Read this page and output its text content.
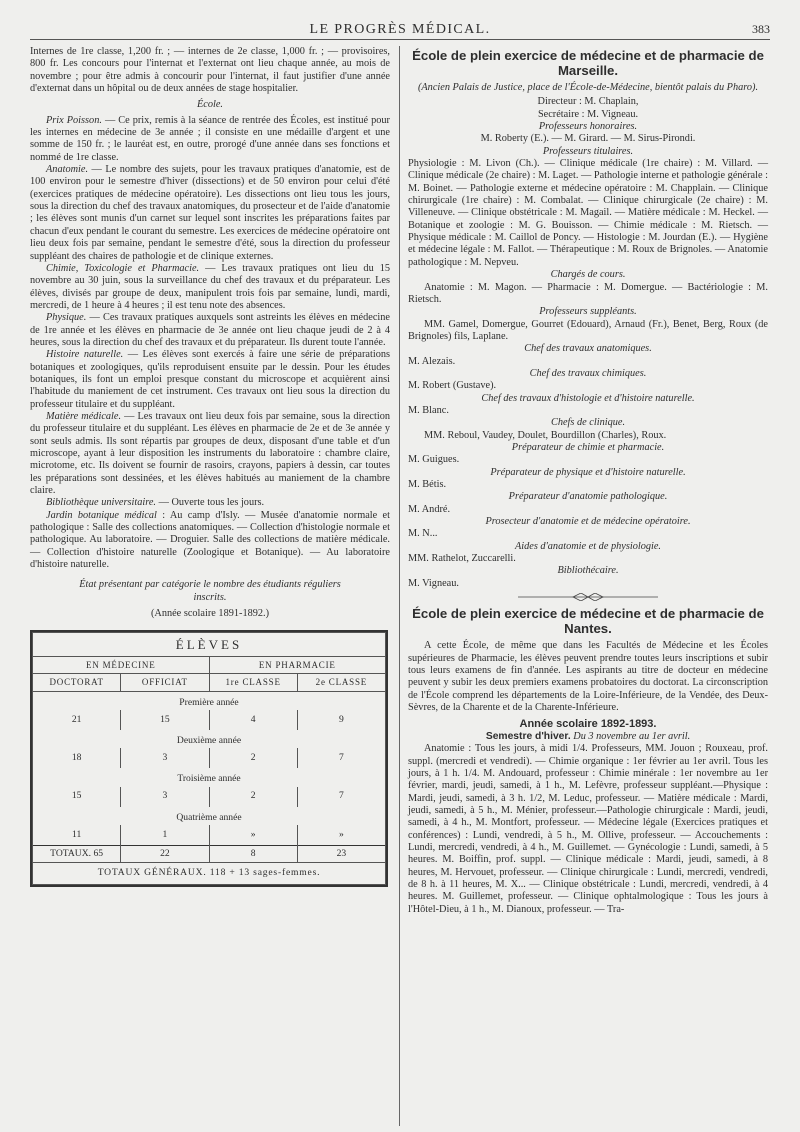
LE PROGRÈS MÉDICAL.	383

Internes de 1re classe, 1,200 fr. ; — internes de 2e classe, 1,000 fr. ; — provisoires, 800 fr. Les concours pour l'internat et l'externat ont lieu chaque année, au mois de novembre ; pour être admis à concourir pour l'internat, il faut justifier d'une année d'externat dans un hôpital ou de deux années de stage hospitalier.

École.

Prix Poisson. — Ce prix, remis à la séance de rentrée des Écoles, est institué pour les internes en médecine de 3e année ; il consiste en une médaille d'argent et une somme de 150 fr. ; le lauréat est, en outre, prorogé d'une année dans ses fonctions et nommé de 1re classe.

Anatomie. — Le nombre des sujets, pour les travaux pratiques d'anatomie, est de 100 environ pour le semestre d'hiver (dissections) et de 50 environ pour celui d'été (exercices pratiques de médecine opératoire). Les dissections ont lieu tous les jours, sous la direction du chef des travaux anatomiques, du prosecteur et de l'aide d'anatomie ; les élèves sont munis d'un carnet sur lequel sont inscrites les préparations faites par chacun d'eux pendant le courant du semestre. Les exercices de médecine opératoire ont lieu deux fois par semaine, pendant le semestre d'été, sous la direction du professeur suppléant des chaires de pathologie et de clinique externes.

Chimie, Toxicologie et Pharmacie. — Les travaux pratiques ont lieu du 15 novembre au 30 juin, sous la surveillance du chef des travaux et du préparateur. Les élèves, divisés par groupe de deux, manipulent trois fois par semaine, lundi, mardi, mercredi, de 1 heure à 4 heures ; il est tenu note des absences.

Physique. — Ces travaux pratiques auxquels sont astreints les élèves en médecine de 1re année et les élèves en pharmacie de 3e année ont lieu chaque jeudi de 2 à 4 heures, sous la direction du chef des travaux et du préparateur. Ils durent toute l'année.

Histoire naturelle. — Les élèves sont exercés à faire une série de préparations botaniques et zoologiques, qu'ils reproduisent ensuite par le dessin. Pour les études botaniques, ils font un emploi presque constant du microscope et acquièrent ainsi l'habitude du maniement de cet instrument. Ces travaux ont lieu sous la direction du professeur titulaire et du suppléant.

Matière médicale. — Les travaux ont lieu deux fois par semaine, sous la direction du professeur titulaire et du suppléant. Les élèves en pharmacie de 2e et de 3e année y sont seuls admis. Ils sont répartis par groupes de deux, disposant d'une table et d'un microscope, ayant à leur disposition les instruments du laboratoire : chambre claire, microtome, etc. Ils doivent se fournir de rasoirs, crayons, papiers à dessin, car toutes les préparations sont dessinées, et les élèves habitués au maniement de la chambre claire.

Bibliothèque universitaire. — Ouverte tous les jours.

Jardin botanique médical : Au camp d'Isly. — Musée d'anatomie normale et pathologique : Salle des collections anatomiques. — Collection d'histologie normale et pathologique. Au laboratoire. — Droguier. Salle des collections de matière médicale. — Collection d'histoire naturelle (Zoologique et Botanique). — Au laboratoire d'histoire naturelle.

État présentant par catégorie le nombre des étudiants réguliers inscrits.

(Année scolaire 1891-1892.)

ÉLÈVES			
EN MÉDECINE		EN PHARMACIE	
DOCTORAT	OFFICIAT	1re CLASSE	2e CLASSE
Première année			
21	15	4	9
Deuxième année			
18	3	2	7
Troisième année			
15	3	2	7
Quatrième année			
11	1	»	»
TOTAUX. 65	22	8	23
TOTAUX GÉNÉRAUX. 118 + 13 sages-femmes.			
École de plein exercice de médecine et de pharmacie de Marseille.

(Ancien Palais de Justice, place de l'École-de-Médecine, bientôt palais du Pharo).

Directeur : M. Chaplain,

Secrétaire : M. Vigneau.

Professeurs honoraires.

M. Roberty (E.). — M. Girard. — M. Sirus-Pirondi.

Professeurs titulaires.

Physiologie : M. Livon (Ch.). — Clinique médicale (1re chaire) : M. Villard. — Clinique médicale (2e chaire) : M. Laget. — Pathologie interne et pathologie générale : M. Boinet. — Pathologie externe et médecine opératoire : M. Chapplain. — Clinique chirurgicale (1re chaire) : M. Combalat. — Clinique chirurgicale (2e chaire) : M. Villeneuve. — Clinique obstétricale : M. Magail. — Matière médicale : M. Heckel. — Botanique et zoologie : M. G. Bouisson. — Chimie médicale : M. Rietsch. — Physique médicale : M. Caillol de Poncy. — Histologie : M. Jourdan (E.). — Hygiène et médecine légale : M. Fallot. — Thérapeutique : M. Roux de Brignoles. — Anatomie pathologique : M. Nepveu.

Chargés de cours.

Anatomie : M. Magon. — Pharmacie : M. Domergue. — Bactériologie : M. Rietsch.

Professeurs suppléants.

MM. Gamel, Domergue, Gourret (Edouard), Arnaud (Fr.), Benet, Berg, Roux (de Brignoles) fils, Laplane.

Chef des travaux anatomiques.

M. Alezais.

Chef des travaux chimiques.

M. Robert (Gustave).

Chef des travaux d'histologie et d'histoire naturelle.

M. Blanc.

Chefs de clinique.

MM. Reboul, Vaudey, Doulet, Bourdillon (Charles), Roux.

Préparateur de chimie et pharmacie.

M. Guigues.

Préparateur de physique et d'histoire naturelle.

M. Bétis.

Préparateur d'anatomie pathologique.

M. André.

Prosecteur d'anatomie et de médecine opératoire.

M. N...

Aides d'anatomie et de physiologie.

MM. Rathelot, Zuccarelli.

Bibliothécaire.

M. Vigneau.

École de plein exercice de médecine et de pharmacie de Nantes.

A cette École, de même que dans les Facultés de Médecine et les Écoles supérieures de Pharmacie, les élèves peuvent prendre toutes leurs inscriptions et subir tous leurs examens de fin d'année. Les aspirants au titre de docteur en médecine peuvent y subir les deux premiers examens probatoires du doctorat. La circonscription de l'École comprend les départements de la Loire-Inférieure, de la Vendée, des Deux-Sèvres, de la Charente et de la Charente-Inférieure.

Année scolaire 1892-1893.

Semestre d'hiver. Du 3 novembre au 1er avril.

Anatomie : Tous les jours, à midi 1/4. Professeurs, MM. Jouon ; Rouxeau, prof. suppl. (mercredi et vendredi). — Chimie organique : 1er février au 1er avril. Tous les jours, à 1 h. 1/4. M. Andouard, professeur : Chimie minérale : 1er novembre au 1er février, mardi, jeudi, samedi, à 1 h., M. Lefèvre, professeur suppléant.—Physique : Mardi, jeudi, samedi, à 3 h. 1/2, M. Leduc, professeur. — Matière médicale : Mardi, jeudi, samedi, à 5 h., M. Ménier, professeur.—Pathologie chirurgicale : Mardi, jeudi, samedi, à 4 h., M. Montfort, professeur. — Médecine légale (Exercices pratiques et conférences) : Lundi, vendredi, à 5 h., M. Ollive, professeur. — Accouchements : Lundi, mercredi, vendredi, à 4 h., M. Guillemet. — Gynécologie : Lundi, samedi, à 5 heures. M. Boiffin, prof. suppl. — Clinique médicale : Mardi, jeudi, samedi, à 8 heures, M. Hervouet, professeur. — Clinique chirurgicale : Lundi, mercredi, vendredi, de 8 h. à 11 heures, M. X... — Clinique obstétricale : Lundi, mercredi, vendredi, à 4 heures. M. Guillemet, professeur. — Clinique ophtalmologique : Tous les jours à l'Hôtel-Dieu, à 1 h., M. Dianoux, professeur. — Tra-
